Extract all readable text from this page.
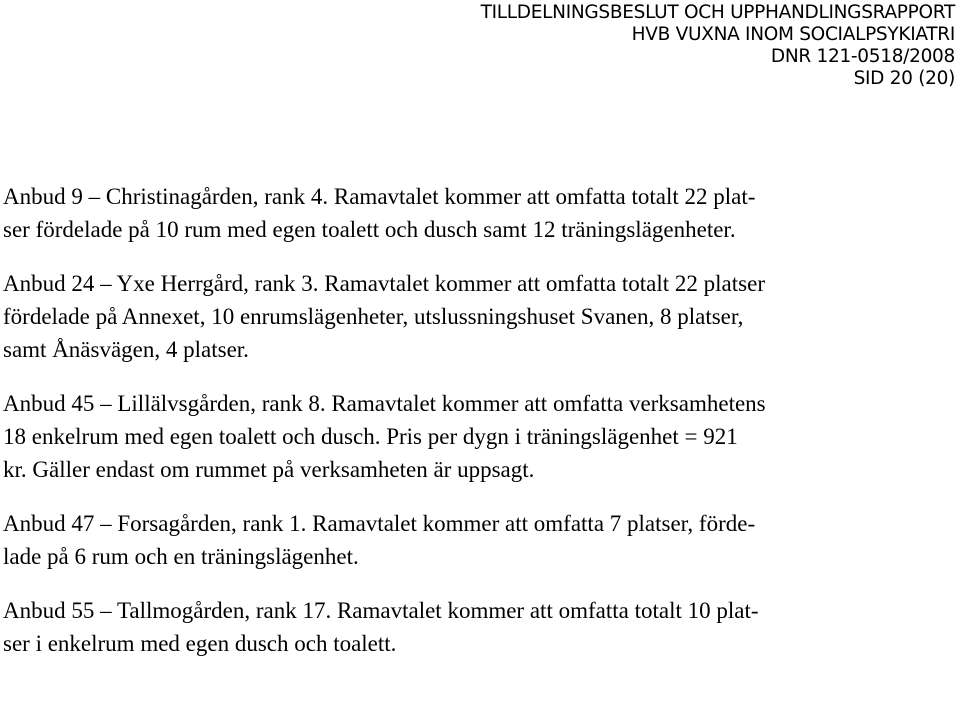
TILLDELNINGSBESLUT OCH UPPHANDLINGSRAPPORT
HVB VUXNA INOM SOCIALPSYKIATRI
DNR 121-0518/2008
SID 20 (20)

Anbud 9 – Christinagården, rank 4. Ramavtalet kommer att omfatta totalt 22 plat-
ser fördelade på 10 rum med egen toalett och dusch samt 12 träningslägenheter.

Anbud 24 – Yxe Herrgård, rank 3. Ramavtalet kommer att omfatta totalt 22 platser
fördelade på Annexet, 10 enrumslägenheter, utslussningshuset Svanen, 8 platser,
samt Ånäsvägen, 4 platser.

Anbud 45 – Lillälvsgården, rank 8. Ramavtalet kommer att omfatta verksamhetens
18 enkelrum med egen toalett och dusch. Pris per dygn i träningslägenhet = 921
kr. Gäller endast om rummet på verksamheten är uppsagt.

Anbud 47 – Forsagården, rank 1. Ramavtalet kommer att omfatta 7 platser, förde-
lade på 6 rum och en träningslägenhet.

Anbud 55 – Tallmogården, rank 17. Ramavtalet kommer att omfatta totalt 10 plat-
ser i enkelrum med egen dusch och toalett.
